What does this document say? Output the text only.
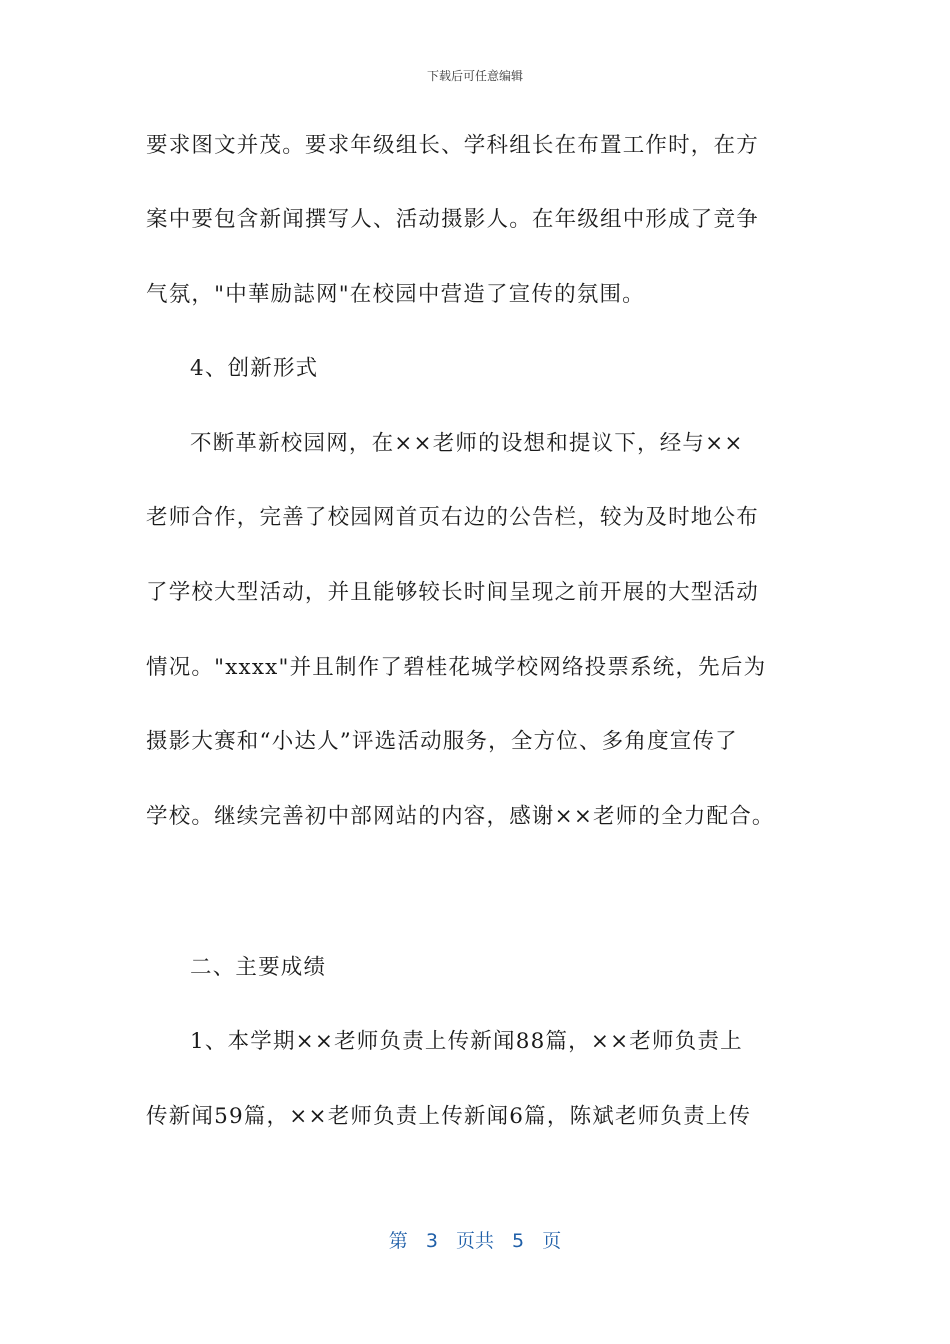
下载后可任意编辑
要求图文并茂。要求年级组长、学科组长在布置工作时，在方
案中要包含新闻撰写人、活动摄影人。在年级组中形成了竞争
气氛，"中華励誌网"在校园中营造了宣传的氛围。
4、创新形式
不断革新校园网，在××老师的设想和提议下，经与××
老师合作，完善了校园网首页右边的公告栏，较为及时地公布
了学校大型活动，并且能够较长时间呈现之前开展的大型活动
情况。"xxxx"并且制作了碧桂花城学校网络投票系统，先后为
摄影大赛和“小达人”评选活动服务，全方位、多角度宣传了
学校。继续完善初中部网站的内容，感谢××老师的全力配合。
二、主要成绩
1、本学期××老师负责上传新闻88篇，××老师负责上
传新闻59篇，××老师负责上传新闻6篇，陈斌老师负责上传
第 3 页共 5 页
